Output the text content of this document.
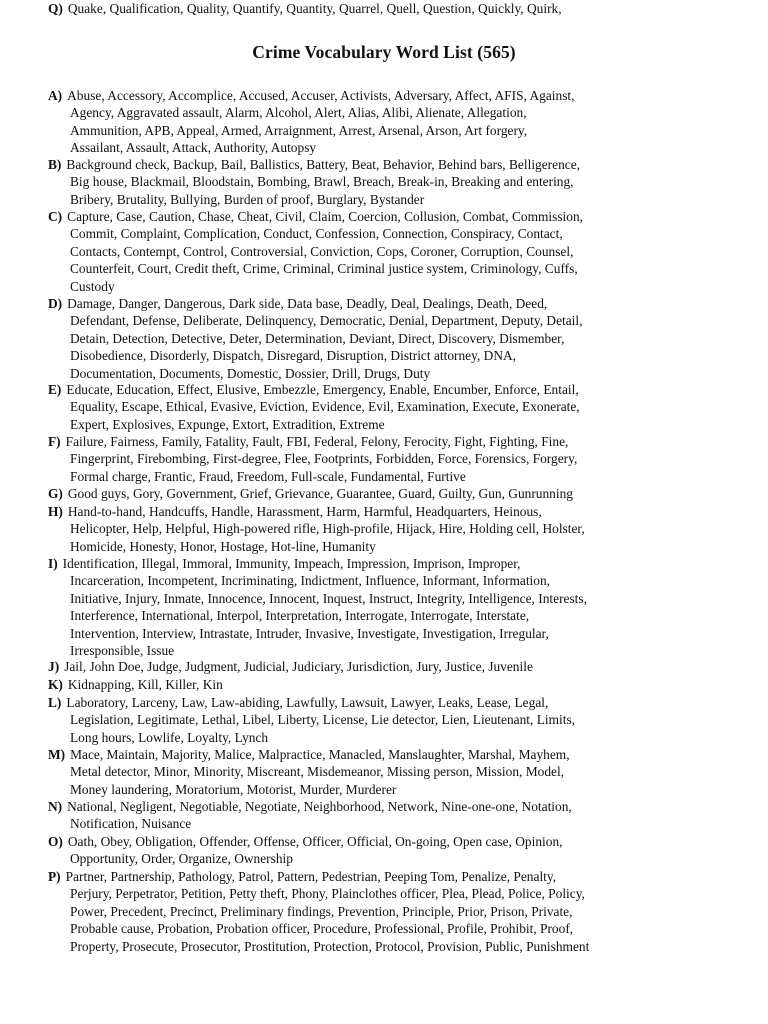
Crime Vocabulary Word List (565)
A) Abuse, Accessory, Accomplice, Accused, Accuser, Activists, Adversary, Affect, AFIS, Against,
Agency, Aggravated assault, Alarm, Alcohol, Alert, Alias, Alibi, Alienate, Allegation,
Ammunition, APB, Appeal, Armed, Arraignment, Arrest, Arsenal, Arson, Art forgery,
Assailant, Assault, Attack, Authority, Autopsy
B) Background check, Backup, Bail, Ballistics, Battery, Beat, Behavior, Behind bars, Belligerence,
Big house, Blackmail, Bloodstain, Bombing, Brawl, Breach, Break-in, Breaking and entering,
Bribery, Brutality, Bullying, Burden of proof, Burglary, Bystander
C) Capture, Case, Caution, Chase, Cheat, Civil, Claim, Coercion, Collusion, Combat, Commission,
Commit, Complaint, Complication, Conduct, Confession, Connection, Conspiracy, Contact,
Contacts, Contempt, Control, Controversial, Conviction, Cops, Coroner, Corruption, Counsel,
Counterfeit, Court, Credit theft, Crime, Criminal, Criminal justice system, Criminology, Cuffs,
Custody
D) Damage, Danger, Dangerous, Dark side, Data base, Deadly, Deal, Dealings, Death, Deed,
Defendant, Defense, Deliberate, Delinquency, Democratic, Denial, Department, Deputy, Detail,
Detain, Detection, Detective, Deter, Determination, Deviant, Direct, Discovery, Dismember,
Disobedience, Disorderly, Dispatch, Disregard, Disruption, District attorney, DNA,
Documentation, Documents, Domestic, Dossier, Drill, Drugs, Duty
E) Educate, Education, Effect, Elusive, Embezzle, Emergency, Enable, Encumber, Enforce, Entail,
Equality, Escape, Ethical, Evasive, Eviction, Evidence, Evil, Examination, Execute, Exonerate,
Expert, Explosives, Expunge, Extort, Extradition, Extreme
F) Failure, Fairness, Family, Fatality, Fault, FBI, Federal, Felony, Ferocity, Fight, Fighting, Fine,
Fingerprint, Firebombing, First-degree, Flee, Footprints, Forbidden, Force, Forensics, Forgery,
Formal charge, Frantic, Fraud, Freedom, Full-scale, Fundamental, Furtive
G) Good guys, Gory, Government, Grief, Grievance, Guarantee, Guard, Guilty, Gun, Gunrunning
H) Hand-to-hand, Handcuffs, Handle, Harassment, Harm, Harmful, Headquarters, Heinous,
Helicopter, Help, Helpful, High-powered rifle, High-profile, Hijack, Hire, Holding cell, Holster,
Homicide, Honesty, Honor, Hostage, Hot-line, Humanity
I) Identification, Illegal, Immoral, Immunity, Impeach, Impression, Imprison, Improper,
Incarceration, Incompetent, Incriminating, Indictment, Influence, Informant, Information,
Initiative, Injury, Inmate, Innocence, Innocent, Inquest, Instruct, Integrity, Intelligence, Interests,
Interference, International, Interpol, Interpretation, Interrogate, Interrogate, Interstate,
Intervention, Interview, Intrastate, Intruder, Invasive, Investigate, Investigation, Irregular,
Irresponsible, Issue
J) Jail, John Doe, Judge, Judgment, Judicial, Judiciary, Jurisdiction, Jury, Justice, Juvenile
K) Kidnapping, Kill, Killer, Kin
L) Laboratory, Larceny, Law, Law-abiding, Lawfully, Lawsuit, Lawyer, Leaks, Lease, Legal,
Legislation, Legitimate, Lethal, Libel, Liberty, License, Lie detector, Lien, Lieutenant, Limits,
Long hours, Lowlife, Loyalty, Lynch
M) Mace, Maintain, Majority, Malice, Malpractice, Manacled, Manslaughter, Marshal, Mayhem,
Metal detector, Minor, Minority, Miscreant, Misdemeanor, Missing person, Mission, Model,
Money laundering, Moratorium, Motorist, Murder, Murderer
N) National, Negligent, Negotiable, Negotiate, Neighborhood, Network, Nine-one-one, Notation,
Notification, Nuisance
O) Oath, Obey, Obligation, Offender, Offense, Officer, Official, On-going, Open case, Opinion,
Opportunity, Order, Organize, Ownership
P) Partner, Partnership, Pathology, Patrol, Pattern, Pedestrian, Peeping Tom, Penalize, Penalty,
Perjury, Perpetrator, Petition, Petty theft, Phony, Plainclothes officer, Plea, Plead, Police, Policy,
Power, Precedent, Precinct, Preliminary findings, Prevention, Principle, Prior, Prison, Private,
Probable cause, Probation, Probation officer, Procedure, Professional, Profile, Prohibit, Proof,
Property, Prosecute, Prosecutor, Prostitution, Protection, Protocol, Provision, Public, Punishment
Q) Quake, Qualification, Quality, Quantify, Quantity, Quarrel, Quell, Question, Quickly, Quirk,
